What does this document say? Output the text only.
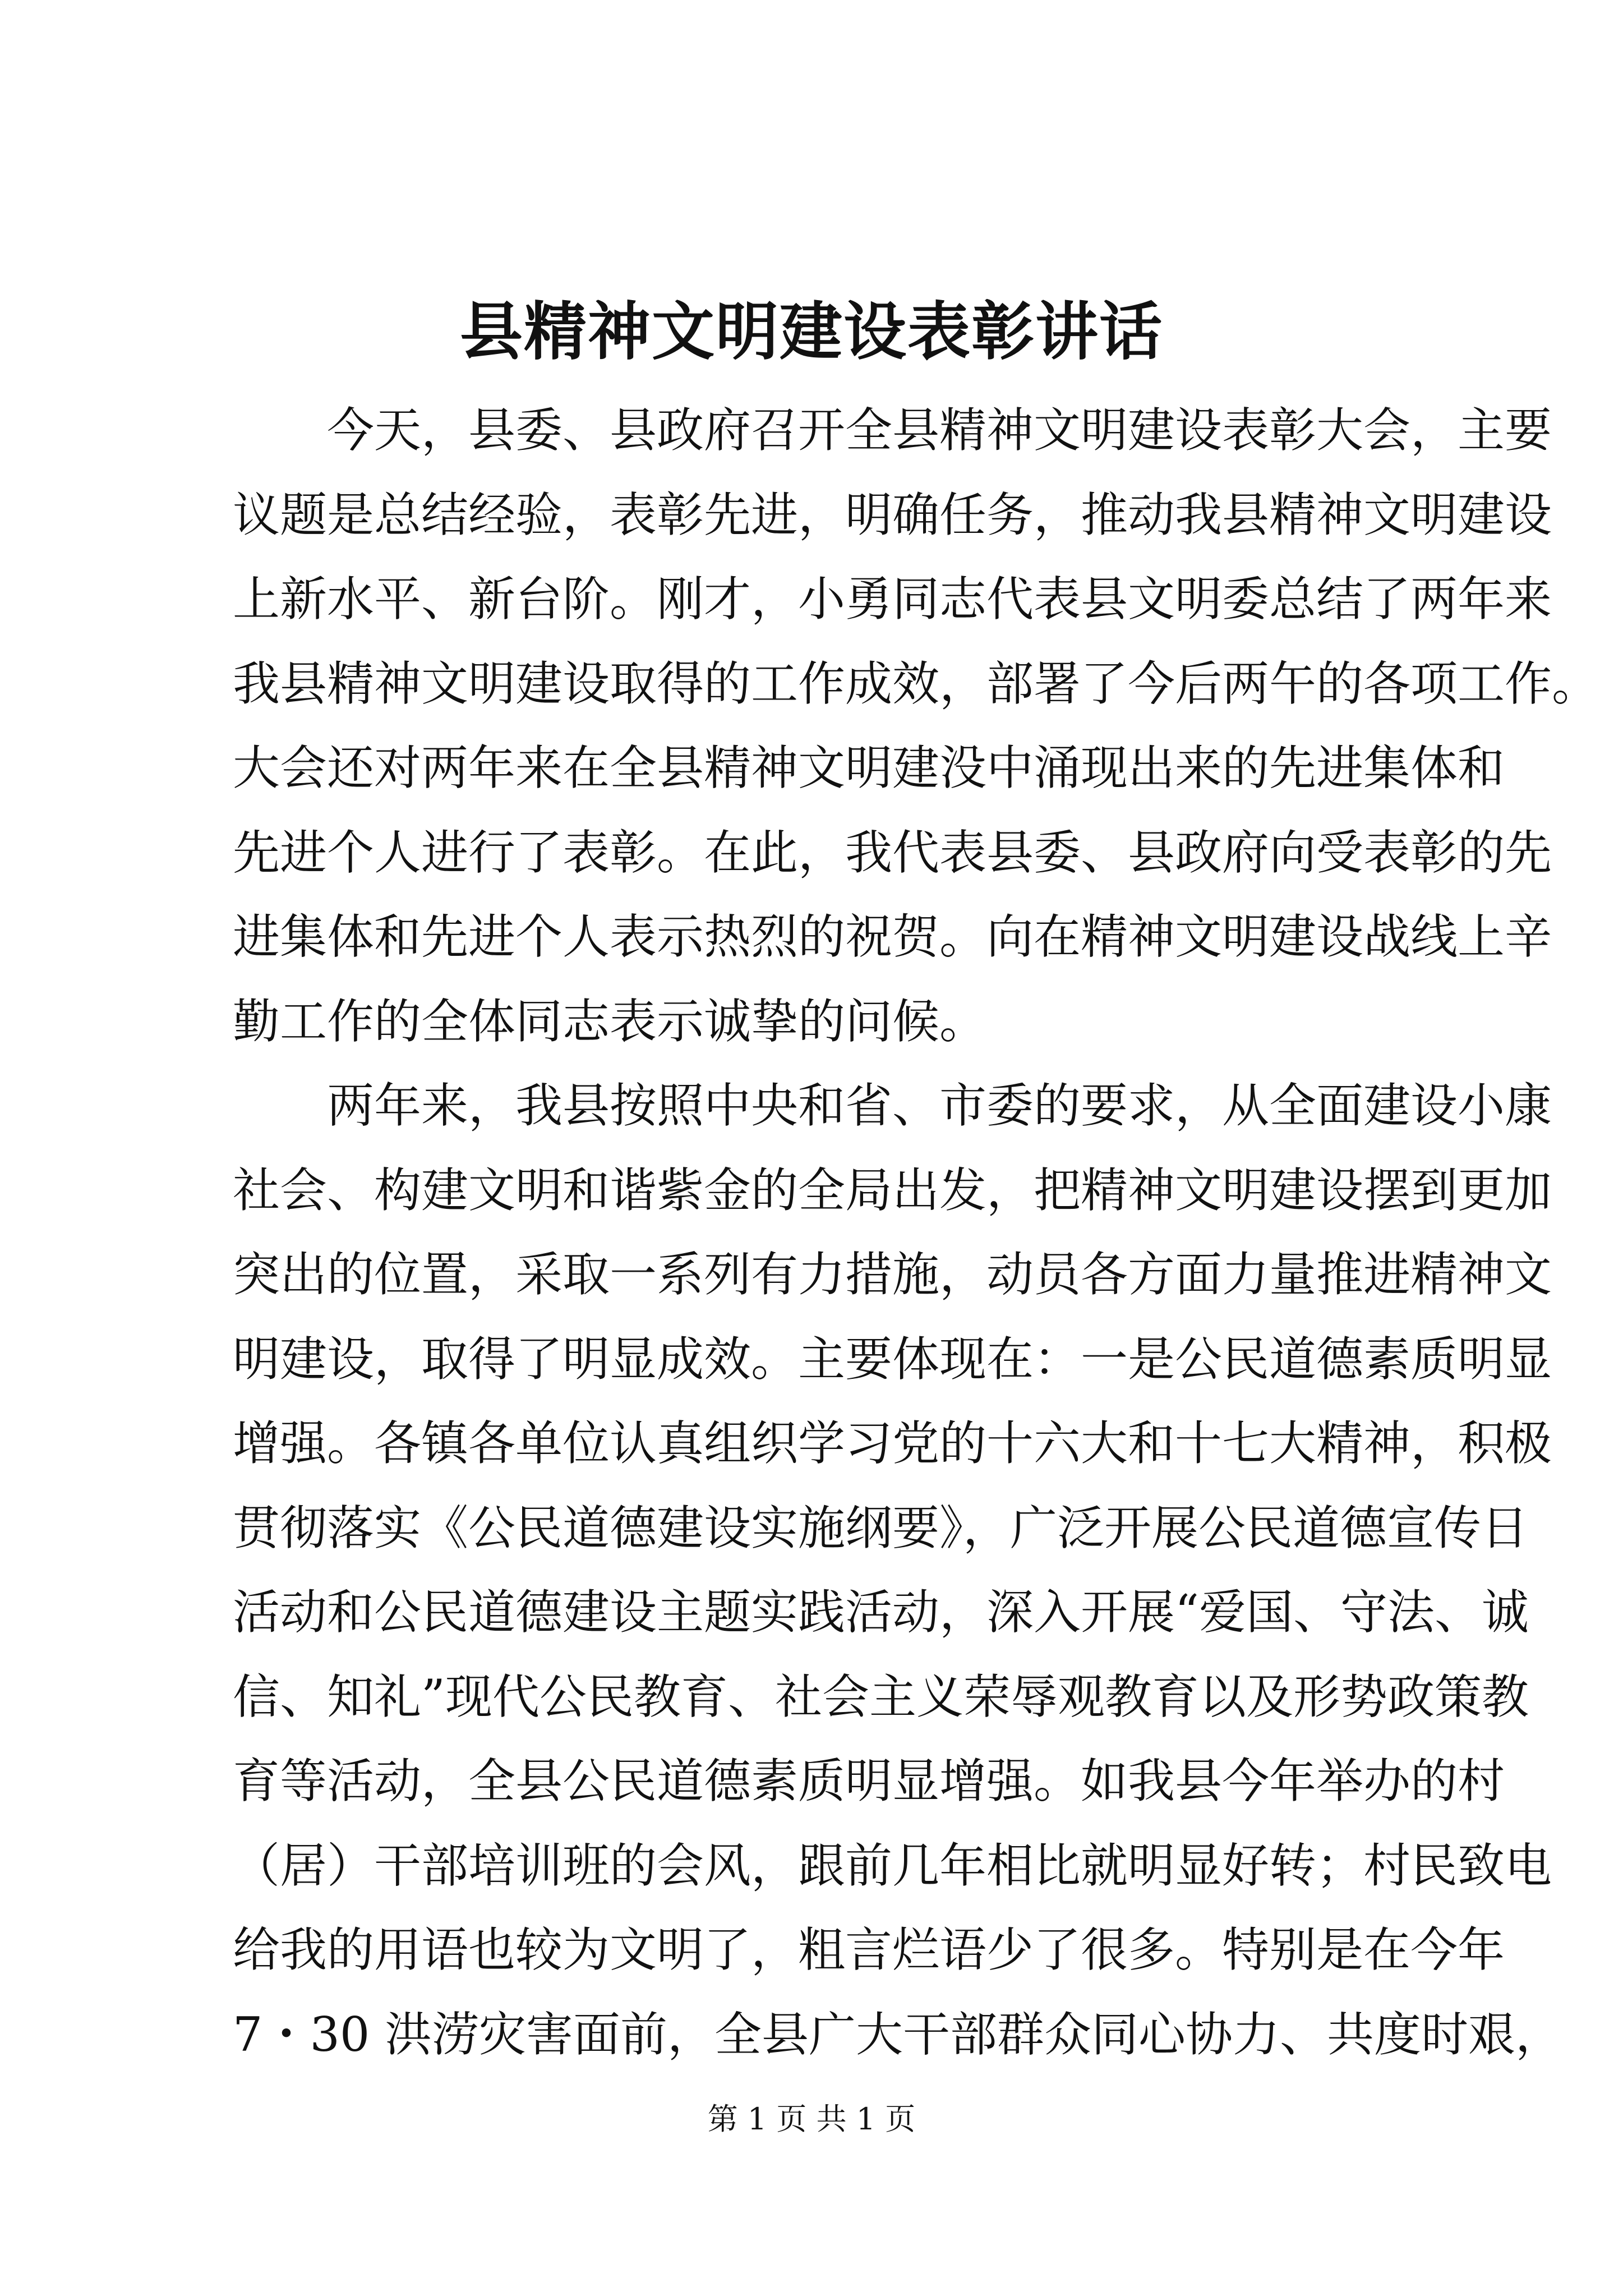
县精神文明建设表彰讲话

　　今天，县委、县政府召开全县精神文明建设表彰大会，主要
议题是总结经验，表彰先进，明确任务，推动我县精神文明建设
上新水平、新台阶。刚才，小勇同志代表县文明委总结了两年来
我县精神文明建设取得的工作成效，部署了今后两午的各项工作。
大会还对两年来在全县精神文明建没中涌现出来的先进集体和
先进个人进行了表彰。在此，我代表县委、县政府向受表彰的先
进集体和先进个人表示热烈的祝贺。向在精神文明建设战线上辛
勤工作的全体同志表示诚挚的问候。

　　两年来，我县按照中央和省、市委的要求，从全面建设小康
社会、构建文明和谐紫金的全局出发，把精神文明建设摆到更加
突出的位置，采取一系列有力措施，动员各方面力量推进精神文
明建设，取得了明显成效。主要体现在：一是公民道德素质明显
增强。各镇各单位认真组织学习党的十六大和十七大精神，积极
贯彻落实《公民道德建设实施纲要》，广泛开展公民道德宣传日
活动和公民道德建设主题实践活动，深入开展“爱国、守法、诚
信、知礼”现代公民教育、社会主义荣辱观教育以及形势政策教
育等活动，全县公民道德素质明显增强。如我县今年举办的村
（居）干部培训班的会风，跟前几年相比就明显好转；村民致电
给我的用语也较为文明了，粗言烂语少了很多。特别是在今年
7・30 洪涝灾害面前，全县广大干部群众同心协力、共度时艰，

第 1 页 共 1 页
